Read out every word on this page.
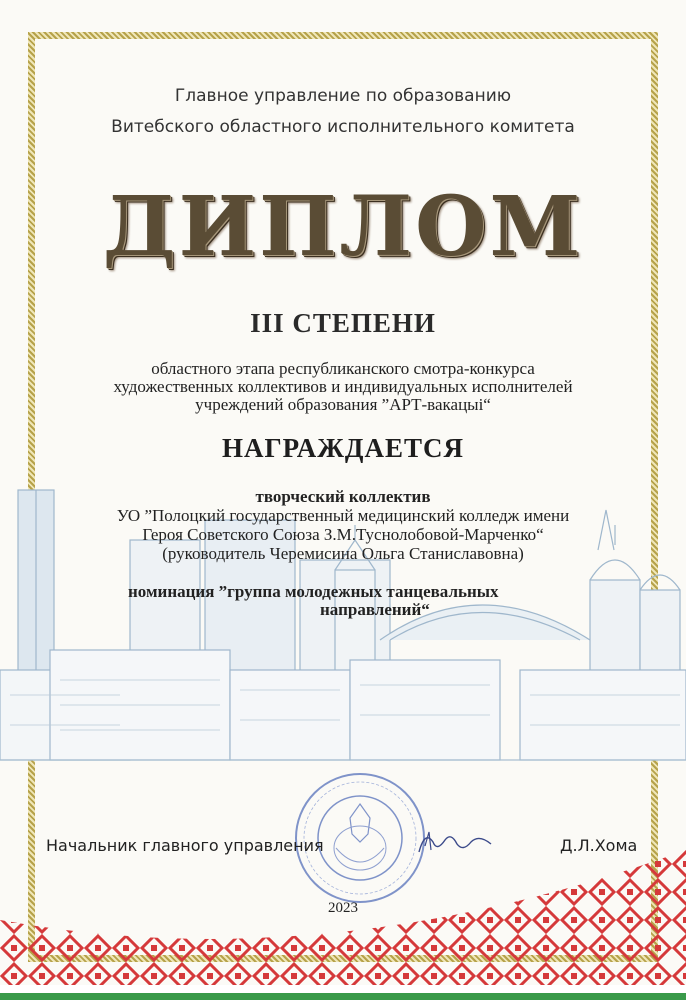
Главное управление по образованию
Витебского областного исполнительного комитета
ДИПЛОМ
III СТЕПЕНИ
областного этапа республиканского смотра-конкурса
художественных коллективов и индивидуальных исполнителей
учреждений образования ”АРТ-вакацыі“
НАГРАЖДАЕТСЯ
творческий коллектив
УО ”Полоцкий государственный медицинский колледж имени
Героя Советского Союза З.М.Туснолобовой-Марченко“
(руководитель Черемисина Ольга Станиславовна)
номинация ”группа молодежных танцевальных
направлений“
Начальник главного управления	Д.Л.Хома
2023
